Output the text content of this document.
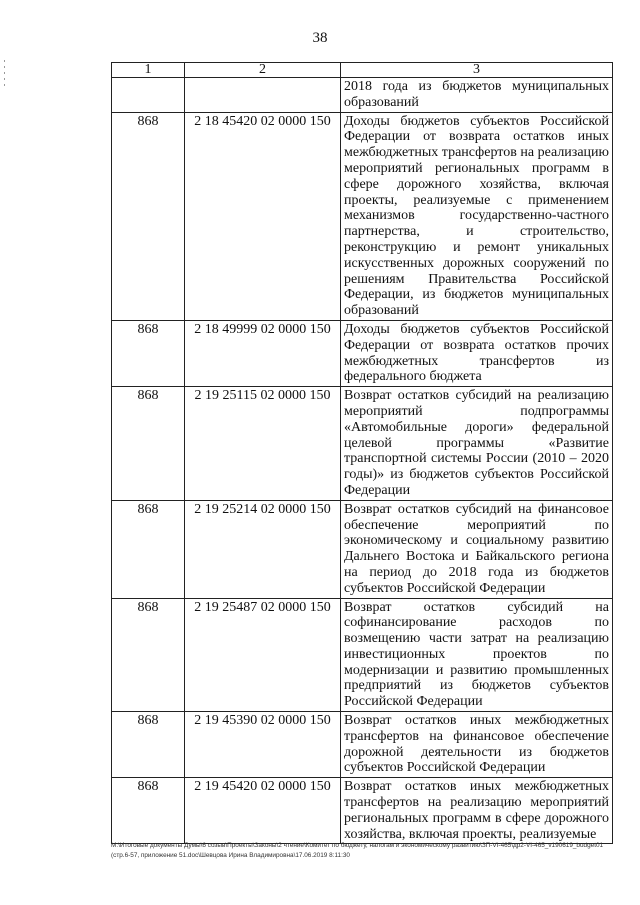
38
1	2	3
		2018 года из бюджетов муниципальных образований
868	2 18 45420 02 0000 150	Доходы бюджетов субъектов Российской Федерации от возврата остатков иных межбюджетных трансфертов на реализацию мероприятий региональных программ в сфере дорожного хозяйства, включая проекты, реализуемые с применением механизмов государственно-частного партнерства, и строительство, реконструкцию и ремонт уникальных искусственных дорожных сооружений по решениям Правительства Российской Федерации, из бюджетов муниципальных образований
868	2 18 49999 02 0000 150	Доходы бюджетов субъектов Российской Федерации от возврата остатков прочих межбюджетных трансфертов из федерального бюджета
868	2 19 25115 02 0000 150	Возврат остатков субсидий на реализацию мероприятий подпрограммы «Автомобильные дороги» федеральной целевой программы «Развитие транспортной системы России (2010 – 2020 годы)» из бюджетов субъектов Российской Федерации
868	2 19 25214 02 0000 150	Возврат остатков субсидий на финансовое обеспечение мероприятий по экономическому и социальному развитию Дальнего Востока и Байкальского региона на период до 2018 года из бюджетов субъектов Российской Федерации
868	2 19 25487 02 0000 150	Возврат остатков субсидий на софинансирование расходов по возмещению части затрат на реализацию инвестиционных проектов по модернизации и развитию промышленных предприятий из бюджетов субъектов Российской Федерации
868	2 19 45390 02 0000 150	Возврат остатков иных межбюджетных трансфертов на финансовое обеспечение дорожной деятельности из бюджетов субъектов Российской Федерации
868	2 19 45420 02 0000 150	Возврат остатков иных межбюджетных трансфертов на реализацию мероприятий региональных программ в сфере дорожного хозяйства, включая проекты, реализуемые
М:\Итоговые документы Думы\6 созыв\Проекты\Законы\2 чтение\Комитет по бюджету, налогам и экономическому развитию\ЗП-VI-465\др2-VI-465_v190619_budget01 (стр.6-57, приложение 51.doc\Шевцова Ирина Владимировна\17.06.2019 8:11:30
